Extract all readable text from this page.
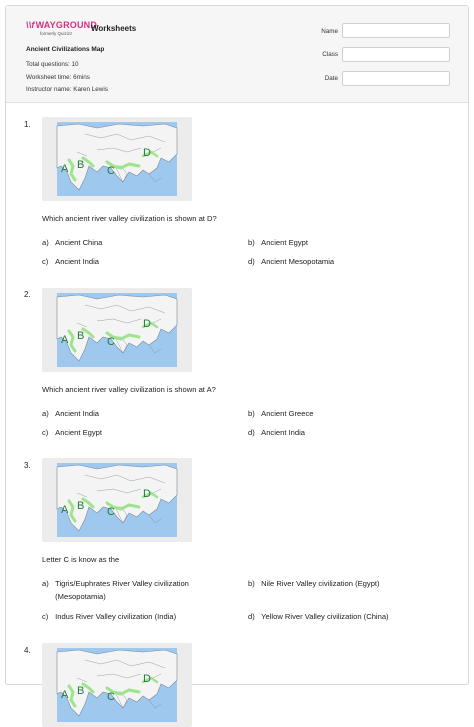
\\fWAYGROUND
formerly Quizizz
Worksheets
Ancient Civilizations Map
Total questions: 10
Worksheet time: 6mins
Instructor name: Karen Lewis
Name
Class
Date
1.
A B C
D
Which ancient river valley civilization is shown at D?
a) Ancient China	b) Ancient Egypt
c) Ancient India	d) Ancient Mesopotamia
2.
A B C
D
Which ancient river valley civilization is shown at A?
a) Ancient India	b) Ancient Greece
c) Ancient Egypt	d) Ancient India
3.
A B C
D
Letter C is know as the
a) Tigris/Euphrates River Valley civilization (Mesopotamia)
b) Nile River Valley civilization (Egypt)
c) Indus River Valley civilization (India)	d) Yellow River Valley civilization (China)
4.
A B C
D
